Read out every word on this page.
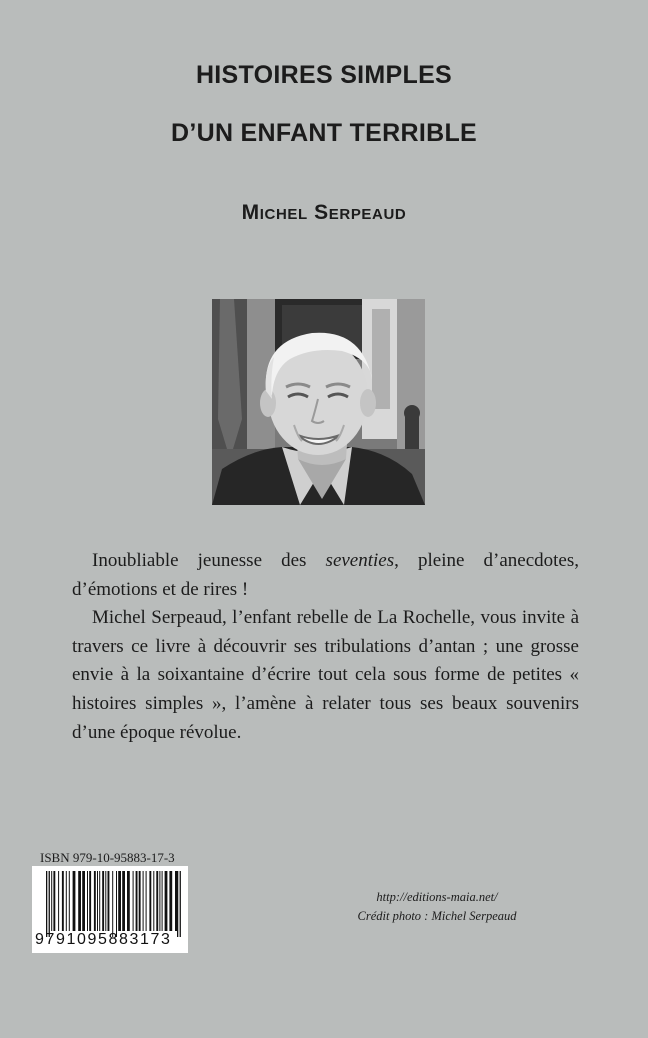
HISTOIRES SIMPLES
D’UN ENFANT TERRIBLE
Michel Serpeaud

Inoubliable jeunesse des seventies, pleine d’anecdotes, d’émotions et de rires !

Michel Serpeaud, l’enfant rebelle de La Rochelle, vous invite à travers ce livre à découvrir ses tribulations d’antan ; une grosse envie à la soixantaine d’écrire tout cela sous forme de petites « histoires simples », l’amène à relater tous ses beaux souvenirs d’une époque révolue.

ISBN 979-10-95883-17-3
9791095883173
http://editions-maia.net/
Crédit photo : Michel Serpeaud
